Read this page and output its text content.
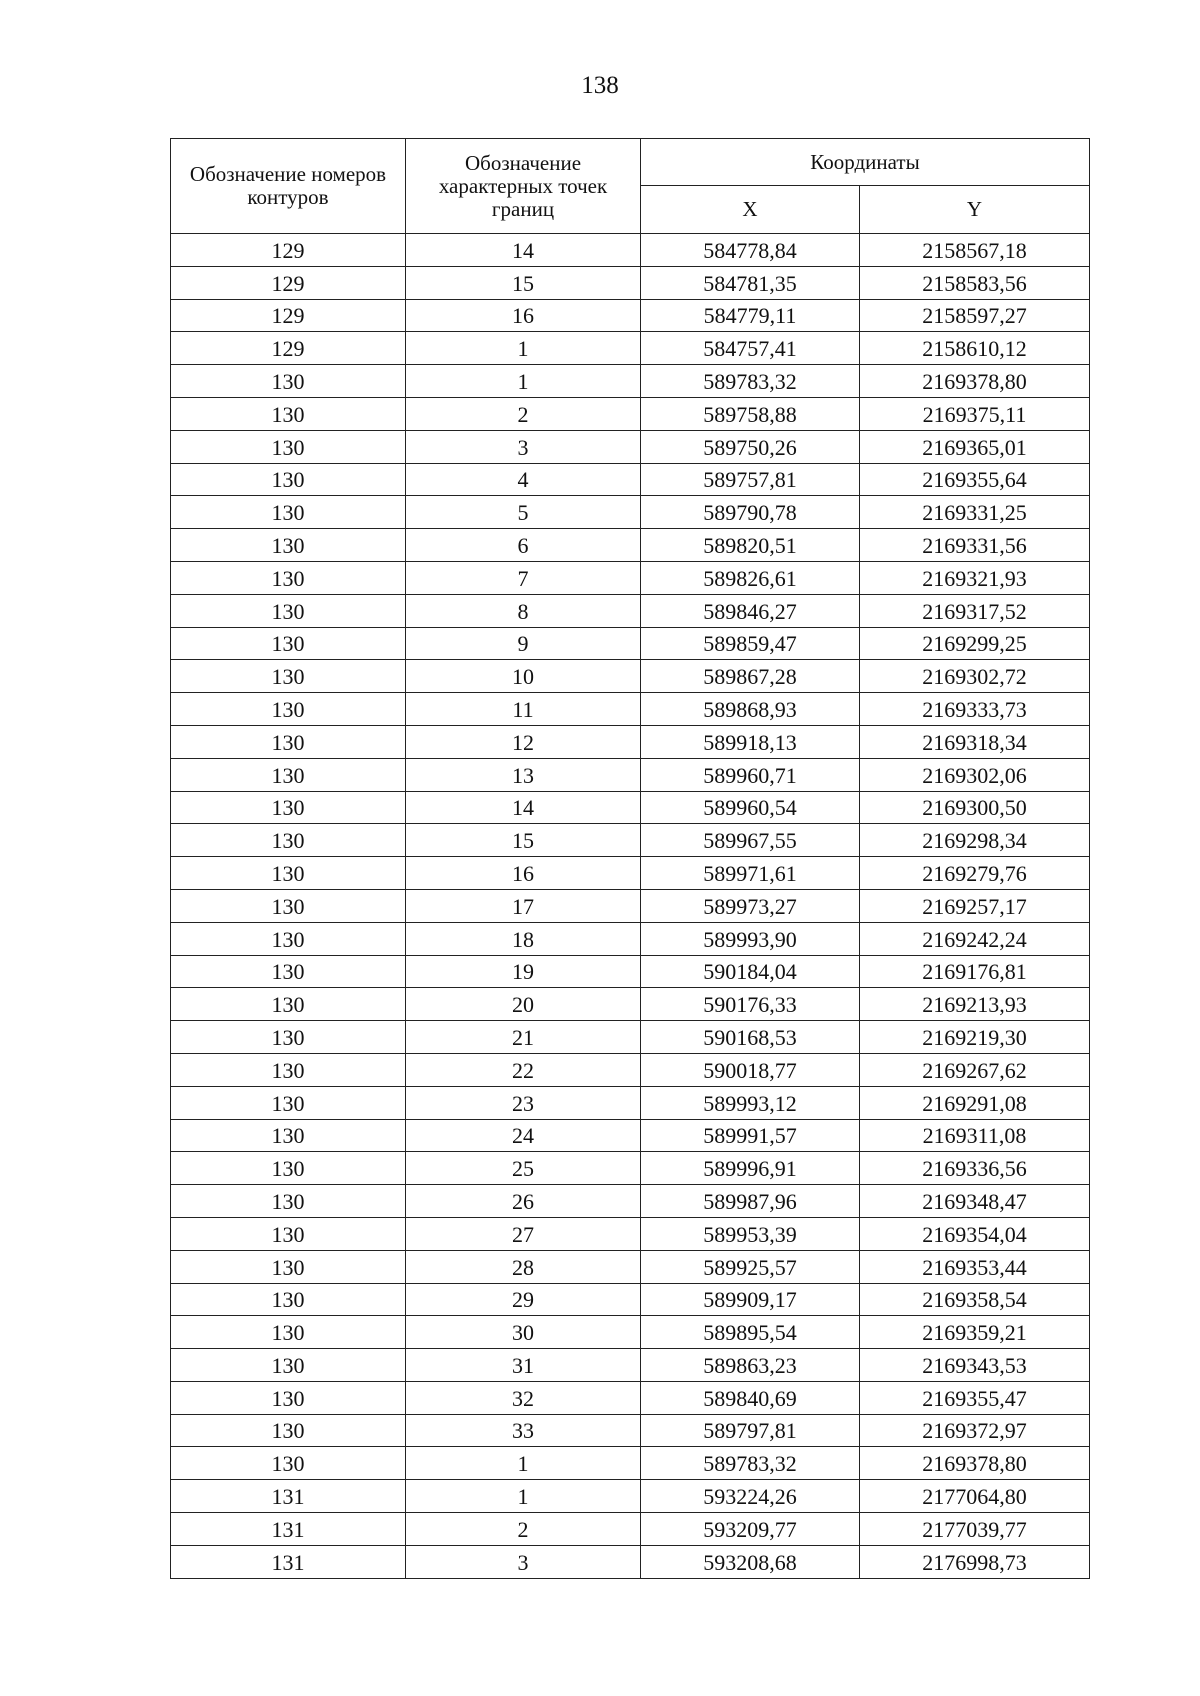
138
Обозначение номеров контуров	Обозначение характерных точек границ	Координаты	
		X	Y
129	14	584778,84	2158567,18
129	15	584781,35	2158583,56
129	16	584779,11	2158597,27
129	1	584757,41	2158610,12
130	1	589783,32	2169378,80
130	2	589758,88	2169375,11
130	3	589750,26	2169365,01
130	4	589757,81	2169355,64
130	5	589790,78	2169331,25
130	6	589820,51	2169331,56
130	7	589826,61	2169321,93
130	8	589846,27	2169317,52
130	9	589859,47	2169299,25
130	10	589867,28	2169302,72
130	11	589868,93	2169333,73
130	12	589918,13	2169318,34
130	13	589960,71	2169302,06
130	14	589960,54	2169300,50
130	15	589967,55	2169298,34
130	16	589971,61	2169279,76
130	17	589973,27	2169257,17
130	18	589993,90	2169242,24
130	19	590184,04	2169176,81
130	20	590176,33	2169213,93
130	21	590168,53	2169219,30
130	22	590018,77	2169267,62
130	23	589993,12	2169291,08
130	24	589991,57	2169311,08
130	25	589996,91	2169336,56
130	26	589987,96	2169348,47
130	27	589953,39	2169354,04
130	28	589925,57	2169353,44
130	29	589909,17	2169358,54
130	30	589895,54	2169359,21
130	31	589863,23	2169343,53
130	32	589840,69	2169355,47
130	33	589797,81	2169372,97
130	1	589783,32	2169378,80
131	1	593224,26	2177064,80
131	2	593209,77	2177039,77
131	3	593208,68	2176998,73
